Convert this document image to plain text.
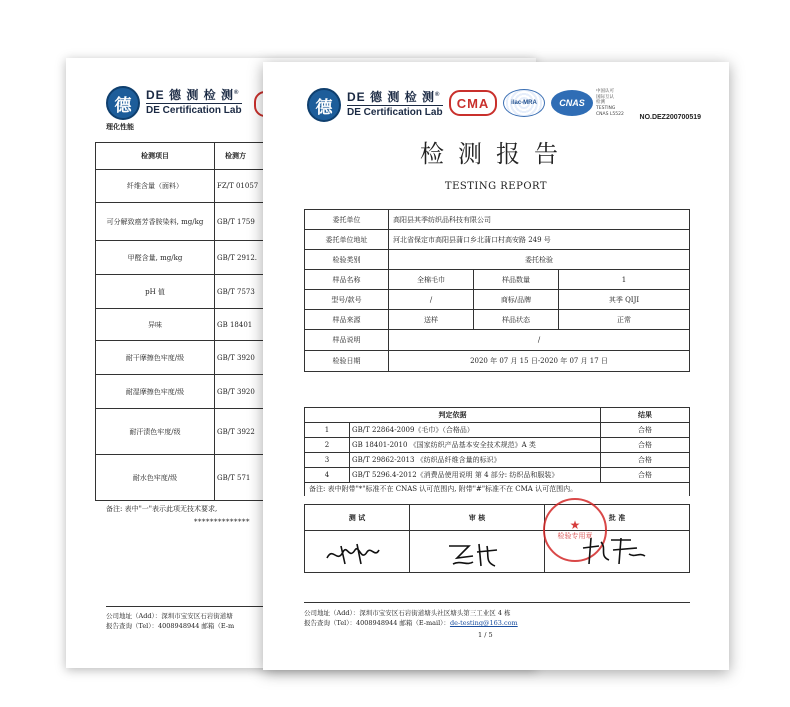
德
DE 德 测 检 测®
DE Certification Lab
理化性能
检测项目	检测方
纤维含量（面料）	FZ/T 01057
可分解致癌芳香胺染料, mg/kg	GB/T 1759
甲醛含量, mg/kg	GB/T 2912.
pH 值	GB/T 7573
异味	GB 18401
耐干摩擦色牢度/级	GB/T 3920
耐湿摩擦色牢度/级	GB/T 3920
耐汗渍色牢度/级	GB/T 3922
耐水色牢度/级	GB/T 571
备注: 表中"一"表示此项无技术要求,
**************
公司地址（Add）：深圳市宝安区石岩街道塘
报告查询（Tel）：4008948944 邮箱（E-m
德
DE 德 测 检 测®
DE Certification Lab
CMA	ilac-MRA	CNAS
中国认可
国际互认
检测
TESTING
CNAS L5522 NO.DEZ200700519
检测报告
TESTING REPORT
委托单位	高阳县其季纺织品科技有限公司		
委托单位地址	河北省保定市高阳县蒲口乡北蒲口村高安路 249 号		
检验类别	委托检验		
样品名称	全棉毛巾	样品数量	1
型号/款号	/	商标/品牌	其季 QIJI
样品来源	送样	样品状态	正常
样品说明	/		
检验日期	2020 年 07 月 15 日-2020 年 07 月 17 日		
判定依据		结果
1	GB/T 22864-2009《毛巾》（合格品）	合格
2	GB 18401-2010 《国家纺织产品基本安全技术规范》A 类	合格
3	GB/T 29862-2013 《纺织品纤维含量的标识》	合格
4	GB/T 5296.4-2012《消费品使用说明 第 4 部分: 纺织品和服装》	合格
备注: 表中附带"*"标准不在 CNAS 认可范围内, 附带"#"标准不在 CMA 认可范围内。		
测 试	审 核	批 准

★
检验专用章
公司地址（Add）：深圳市宝安区石岩街道塘头社区塘头第三工业区 4 栋
报告查询（Tel）：4008948944 邮箱（E-mail）：de-testing@163.com
1 / 5
